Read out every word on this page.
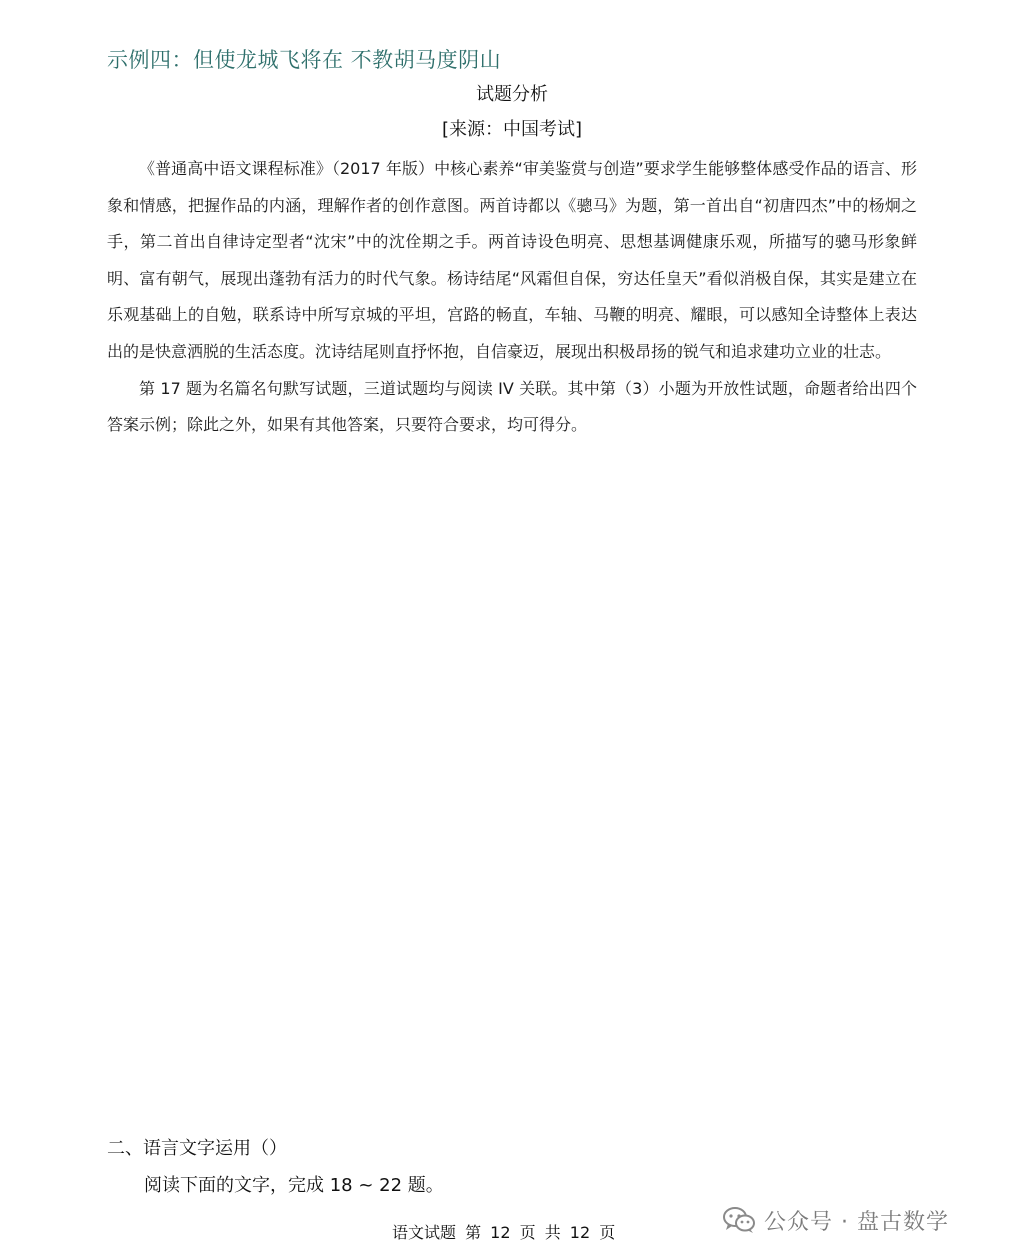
示例四：但使龙城飞将在 不教胡马度阴山
试题分析
[来源：中国考试]

《普通高中语文课程标准》（2017 年版）中核心素养“审美鉴赏与创造”要求学生能够整体感受作品的语言、形象和情感，把握作品的内涵，理解作者的创作意图。两首诗都以《骢马》为题，第一首出自“初唐四杰”中的杨炯之手，第二首出自律诗定型者“沈宋”中的沈佺期之手。两首诗设色明亮、思想基调健康乐观，所描写的骢马形象鲜明、富有朝气，展现出蓬勃有活力的时代气象。杨诗结尾“风霜但自保，穷达任皇天”看似消极自保，其实是建立在乐观基础上的自勉，联系诗中所写京城的平坦，宫路的畅直，车轴、马鞭的明亮、耀眼，可以感知全诗整体上表达出的是快意洒脱的生活态度。沈诗结尾则直抒怀抱，自信豪迈，展现出积极昂扬的锐气和追求建功立业的壮志。

第 17 题为名篇名句默写试题，三道试题均与阅读 IV 关联。其中第（3）小题为开放性试题，命题者给出四个答案示例；除此之外，如果有其他答案，只要符合要求，均可得分。

二、语言文字运用（）
阅读下面的文字，完成 18 ~ 22 题。
语文试题 第 12 页 共 12 页	公众号 · 盘古数学
